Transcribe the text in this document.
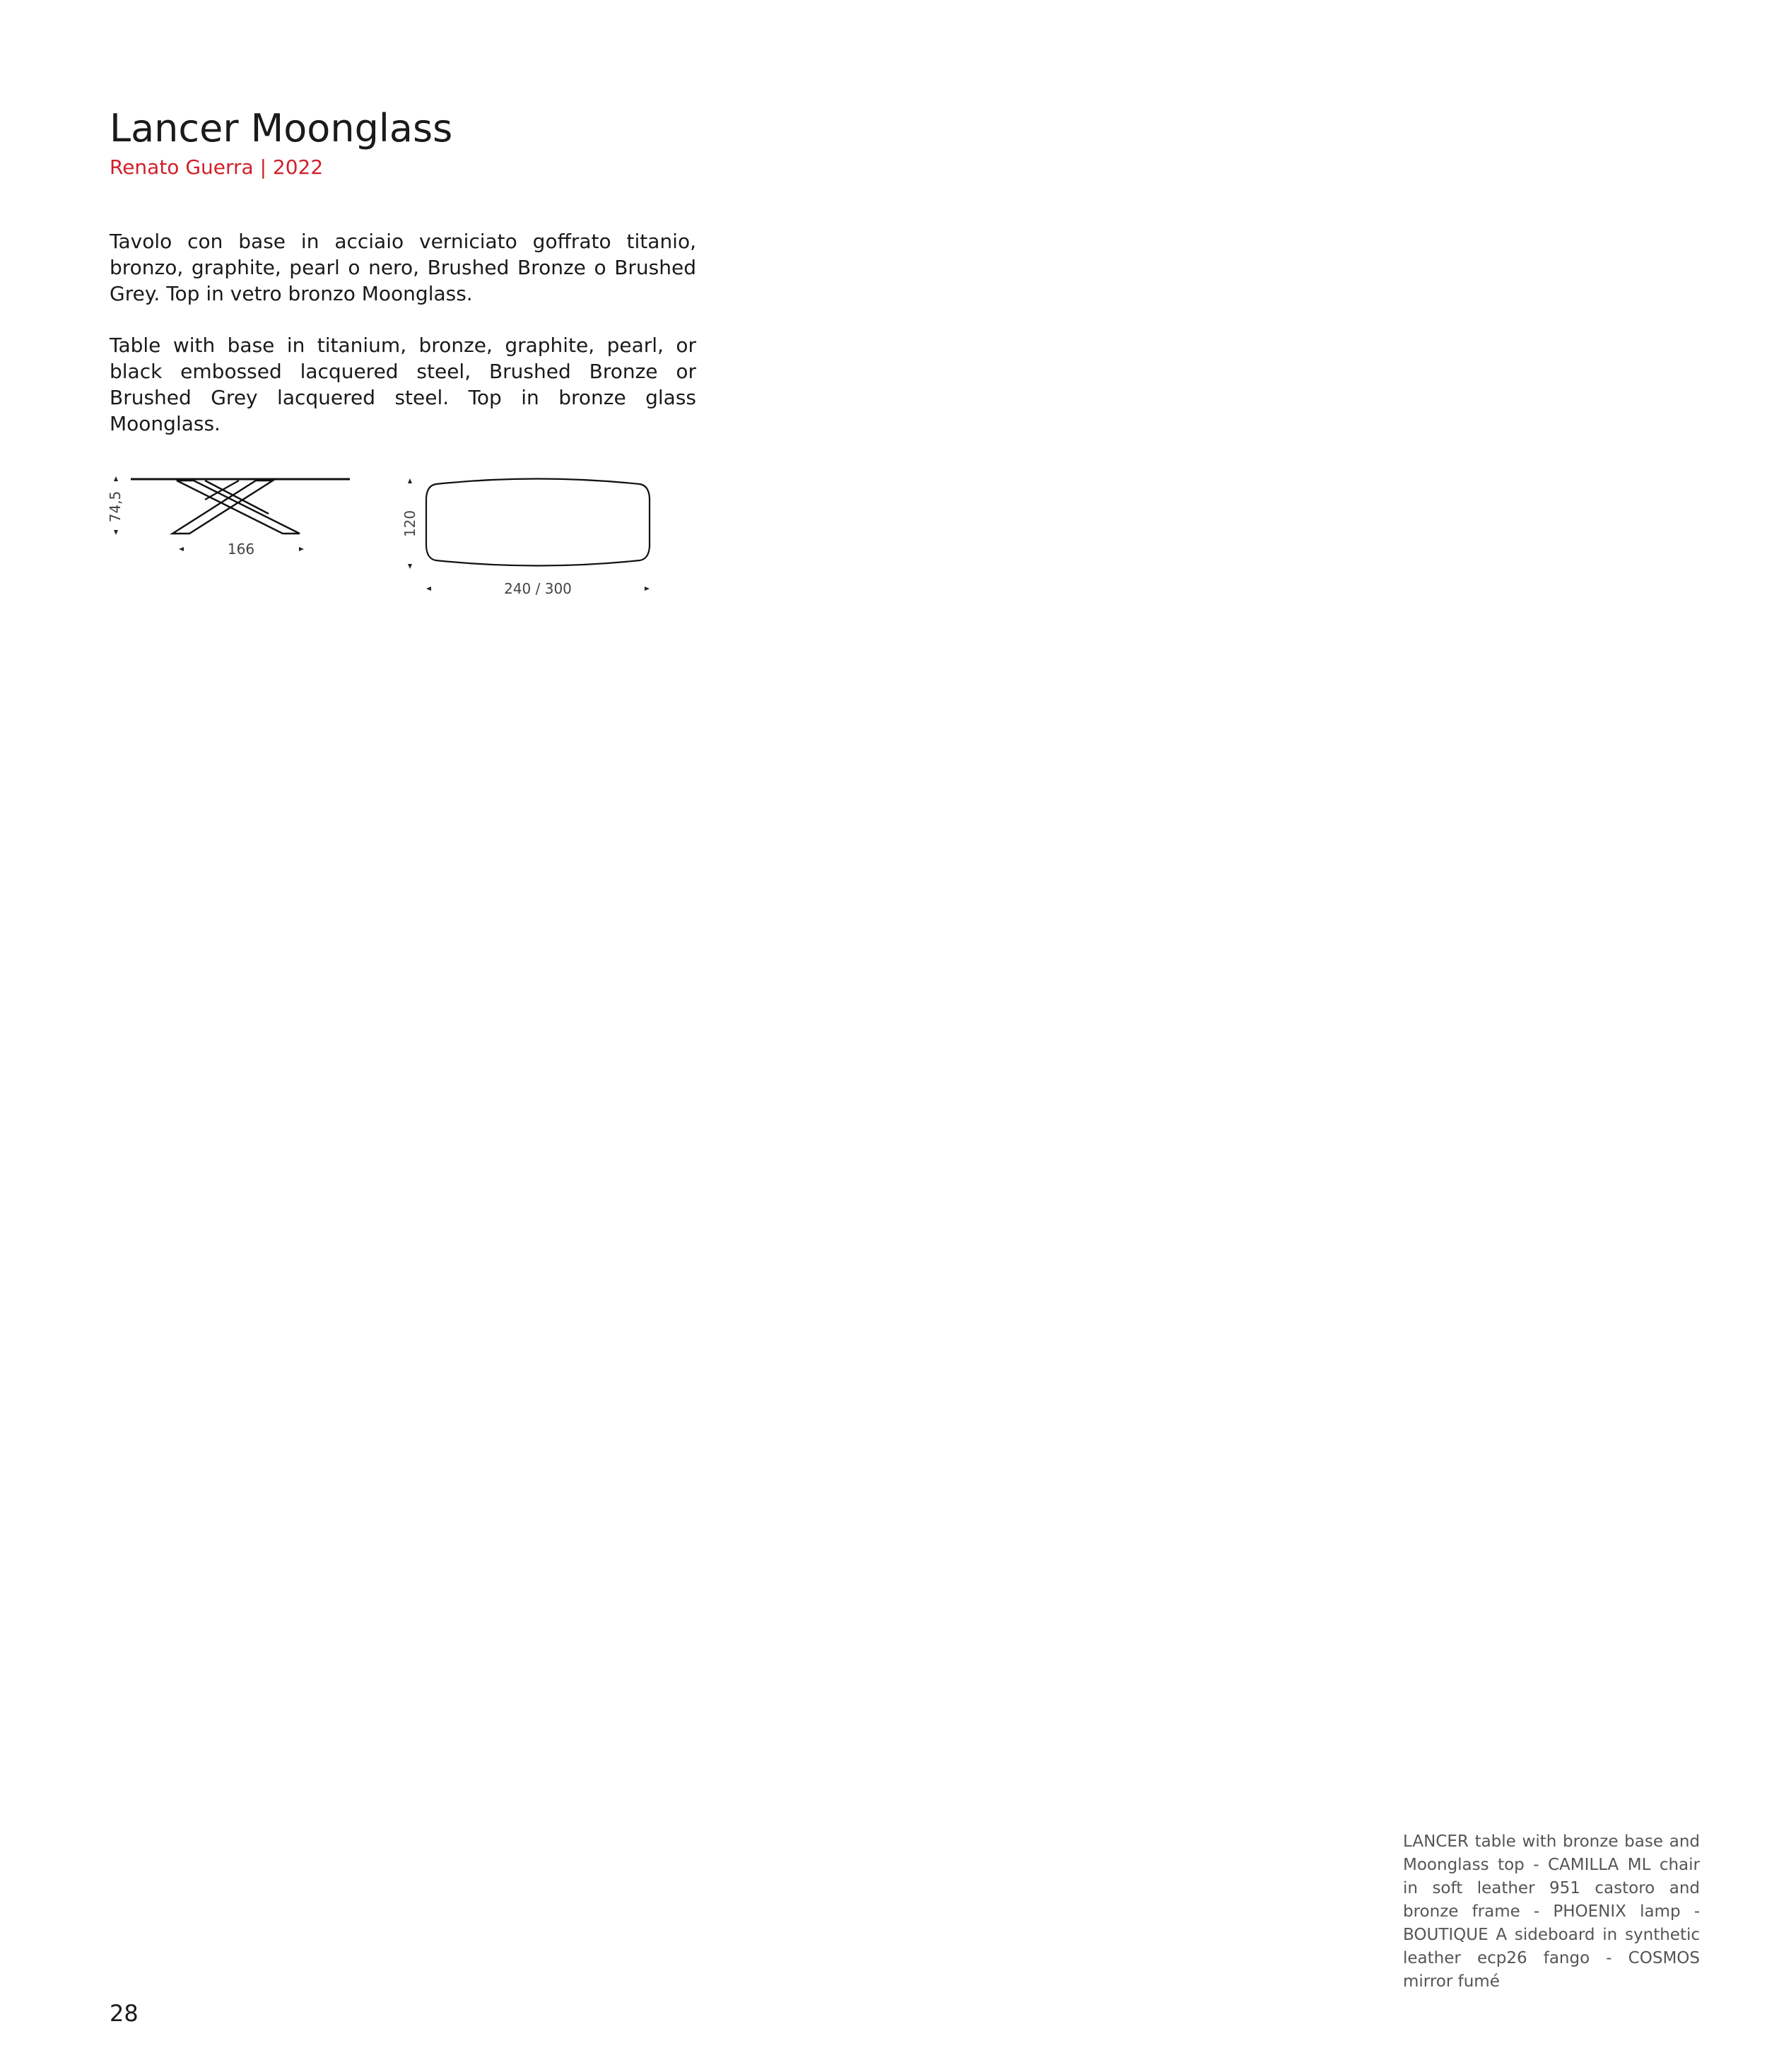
Lancer Moonglass

Renato Guerra | 2022

Tavolo con base in acciaio verniciato goffrato titanio, bronzo, graphite, pearl o nero, Brushed Bronze o Brushed Grey. Top in vetro bronzo Moonglass.

Table with base in titanium, bronze, graphite, pearl, or black embossed lacquered steel, Brushed Bronze or Brushed Grey lacquered steel. Top in bronze glass Moonglass.

74,5
166
120
240 / 300

LANCER table with bronze base and Moonglass top - CAMILLA ML chair in soft leather 951 castoro and bronze frame - PHOENIX lamp - BOUTIQUE A sideboard in synthetic leather ecp26 fango - COSMOS mirror fumé

28
